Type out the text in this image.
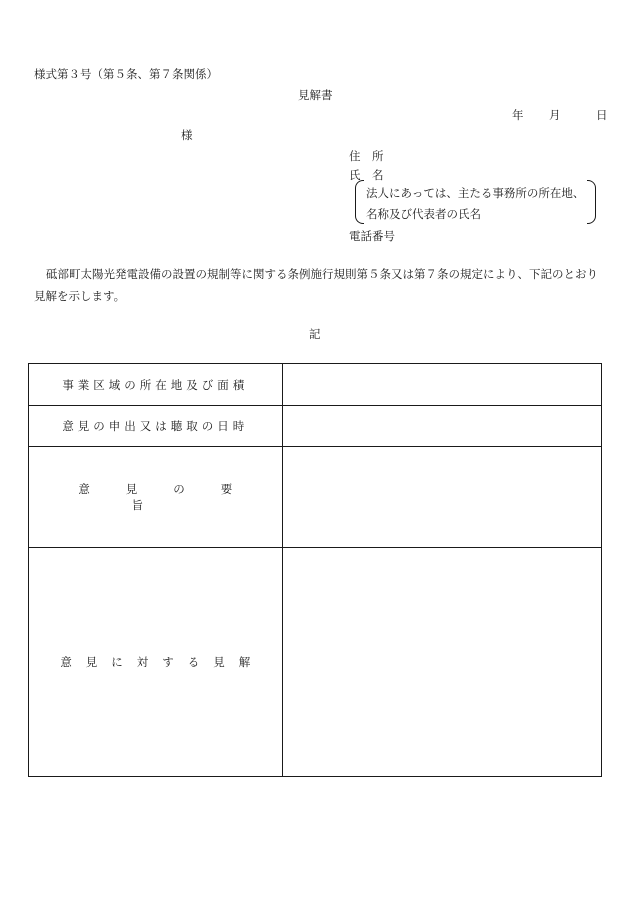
様式第３号（第５条、第７条関係）
見解書
年	月	日
様
住　所
氏　名
法人にあっては、主たる事務所の所在地、
名称及び代表者の氏名
電話番号
砥部町太陽光発電設備の設置の規制等に関する条例施行規則第５条又は第７条の規定により、下記のとおり見解を示します。
記
事業区域の所在地及び面積	
意見の申出又は聴取の日時	
意見の要旨	
意見に対する見解	
